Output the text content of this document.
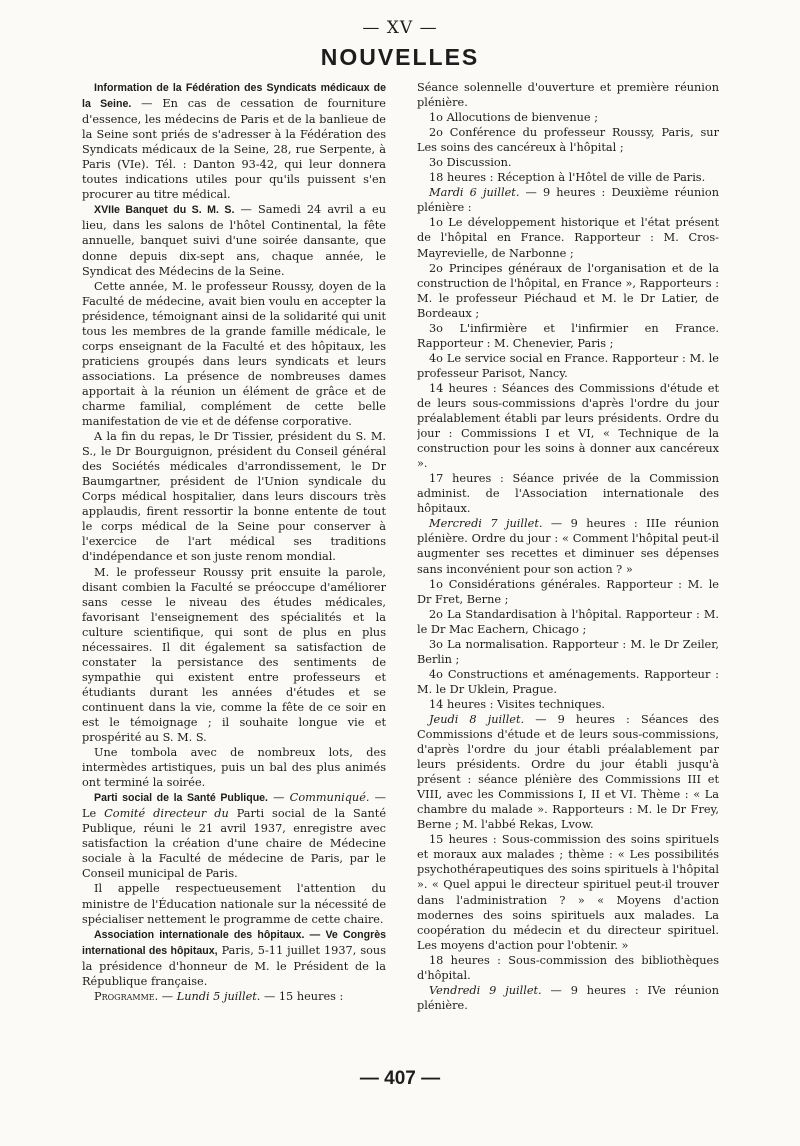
— XV —
NOUVELLES

Information de la Fédération des Syndicats médicaux de la Seine. — En cas de cessation de fourniture d'essence, les médecins de Paris et de la banlieue de la Seine sont priés de s'adresser à la Fédération des Syndicats médicaux de la Seine, 28, rue Serpente, à Paris (VIe). Tél. : Danton 93-42, qui leur donnera toutes indications utiles pour qu'ils puissent s'en procurer au titre médical.

XVIIe Banquet du S. M. S. — Samedi 24 avril a eu lieu, dans les salons de l'hôtel Continental, la fête annuelle, banquet suivi d'une soirée dansante, que donne depuis dix-sept ans, chaque année, le Syndicat des Médecins de la Seine.

Cette année, M. le professeur Roussy, doyen de la Faculté de médecine, avait bien voulu en accepter la présidence, témoignant ainsi de la solidarité qui unit tous les membres de la grande famille médicale, le corps enseignant de la Faculté et des hôpitaux, les praticiens groupés dans leurs syndicats et leurs associations. La présence de nombreuses dames apportait à la réunion un élément de grâce et de charme familial, complément de cette belle manifestation de vie et de défense corporative.

A la fin du repas, le Dr Tissier, président du S. M. S., le Dr Bourguignon, président du Conseil général des Sociétés médicales d'arrondissement, le Dr Baumgartner, président de l'Union syndicale du Corps médical hospitalier, dans leurs discours très applaudis, firent ressortir la bonne entente de tout le corps médical de la Seine pour conserver à l'exercice de l'art médical ses traditions d'indépendance et son juste renom mondial.

M. le professeur Roussy prit ensuite la parole, disant combien la Faculté se préoccupe d'améliorer sans cesse le niveau des études médicales, favorisant l'enseignement des spécialités et la culture scientifique, qui sont de plus en plus nécessaires. Il dit également sa satisfaction de constater la persistance des sentiments de sympathie qui existent entre professeurs et étudiants durant les années d'études et se continuent dans la vie, comme la fête de ce soir en est le témoignage ; il souhaite longue vie et prospérité au S. M. S.

Une tombola avec de nombreux lots, des intermèdes artistiques, puis un bal des plus animés ont terminé la soirée.

Parti social de la Santé Publique. — Communiqué. — Le Comité directeur du Parti social de la Santé Publique, réuni le 21 avril 1937, enregistre avec satisfaction la création d'une chaire de Médecine sociale à la Faculté de médecine de Paris, par le Conseil municipal de Paris.

Il appelle respectueusement l'attention du ministre de l'Éducation nationale sur la nécessité de spécialiser nettement le programme de cette chaire.

Association internationale des hôpitaux. — Ve Congrès international des hôpitaux, Paris, 5-11 juillet 1937, sous la présidence d'honneur de M. le Président de la République française.

Programme. — Lundi 5 juillet. — 15 heures :

Séance solennelle d'ouverture et première réunion plénière.

1o Allocutions de bienvenue ;

2o Conférence du professeur Roussy, Paris, sur Les soins des cancéreux à l'hôpital ;

3o Discussion.

18 heures : Réception à l'Hôtel de ville de Paris.

Mardi 6 juillet. — 9 heures : Deuxième réunion plénière :

1o Le développement historique et l'état présent de l'hôpital en France. Rapporteur : M. Cros-Mayrevielle, de Narbonne ;

2o Principes généraux de l'organisation et de la construction de l'hôpital, en France », Rapporteurs : M. le professeur Piéchaud et M. le Dr Latier, de Bordeaux ;

3o L'infirmière et l'infirmier en France. Rapporteur : M. Chenevier, Paris ;

4o Le service social en France. Rapporteur : M. le professeur Parisot, Nancy.

14 heures : Séances des Commissions d'étude et de leurs sous-commissions d'après l'ordre du jour préalablement établi par leurs présidents. Ordre du jour : Commissions I et VI, « Technique de la construction pour les soins à donner aux cancéreux ».

17 heures : Séance privée de la Commission administ. de l'Association internationale des hôpitaux.

Mercredi 7 juillet. — 9 heures : IIIe réunion plénière. Ordre du jour : « Comment l'hôpital peut-il augmenter ses recettes et diminuer ses dépenses sans inconvénient pour son action ? »

1o Considérations générales. Rapporteur : M. le Dr Fret, Berne ;

2o La Standardisation à l'hôpital. Rapporteur : M. le Dr Mac Eachern, Chicago ;

3o La normalisation. Rapporteur : M. le Dr Zeiler, Berlin ;

4o Constructions et aménagements. Rapporteur : M. le Dr Uklein, Prague.

14 heures : Visites techniques.

Jeudi 8 juillet. — 9 heures : Séances des Commissions d'étude et de leurs sous-commissions, d'après l'ordre du jour établi préalablement par leurs présidents. Ordre du jour établi jusqu'à présent : séance plénière des Commissions III et VIII, avec les Commissions I, II et VI. Thème : « La chambre du malade ». Rapporteurs : M. le Dr Frey, Berne ; M. l'abbé Rekas, Lvow.

15 heures : Sous-commission des soins spirituels et moraux aux malades ; thème : « Les possibilités psychothérapeutiques des soins spirituels à l'hôpital ». « Quel appui le directeur spirituel peut-il trouver dans l'administration ? » « Moyens d'action modernes des soins spirituels aux malades. La coopération du médecin et du directeur spirituel. Les moyens d'action pour l'obtenir. »

18 heures : Sous-commission des bibliothèques d'hôpital.

Vendredi 9 juillet. — 9 heures : IVe réunion plénière.

— 407 —
